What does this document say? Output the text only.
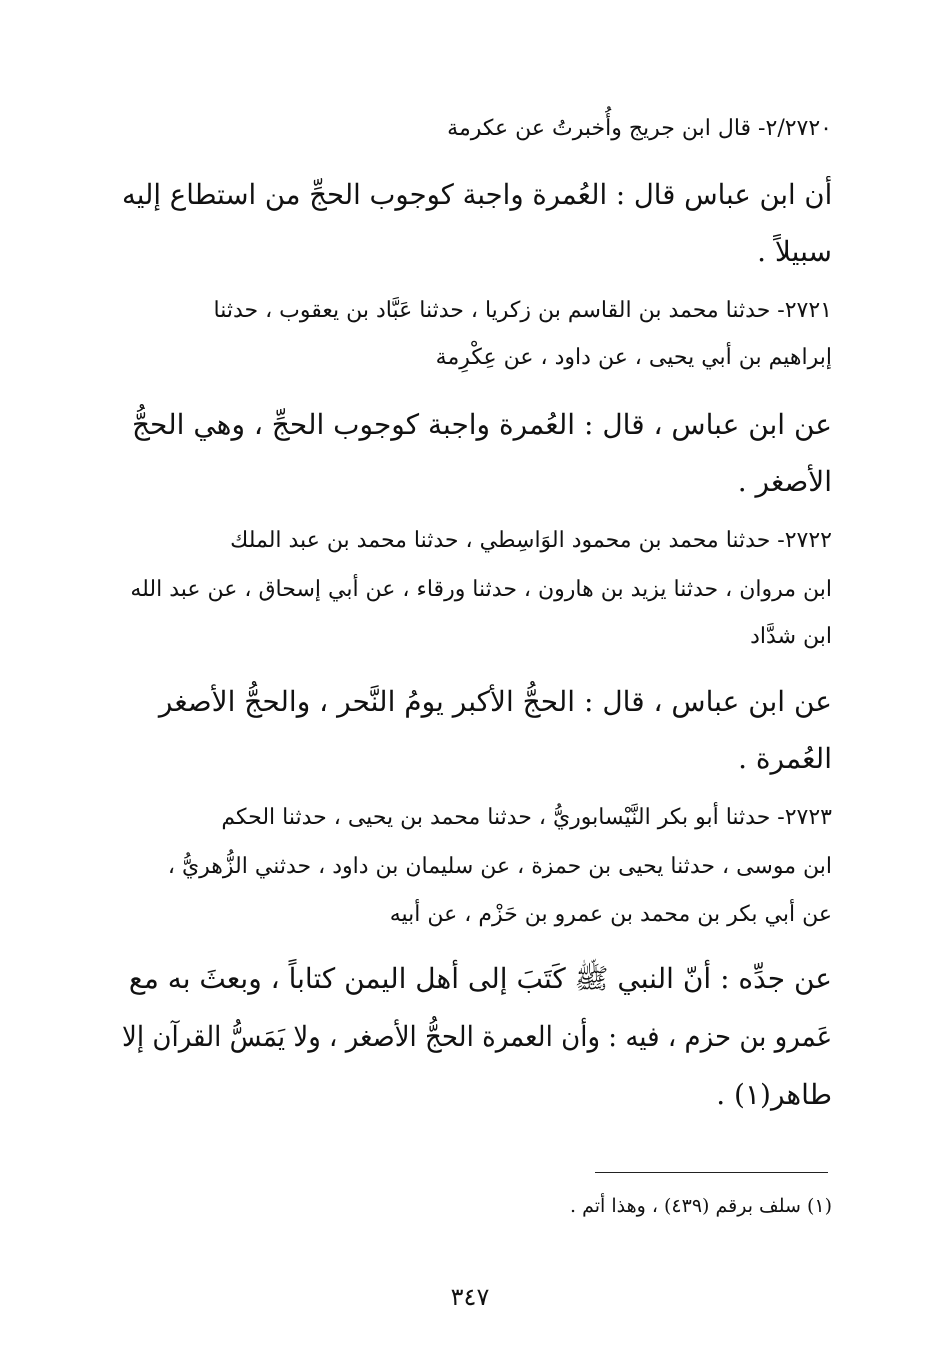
٢/٢٧٢٠- قال ابن جريج وأُخبرتُ عن عكرمة
أن ابن عباس قال : العُمرة واجبة كوجوب الحجِّ من استطاع إليه
سبيلاً .
٢٧٢١- حدثنا محمد بن القاسم بن زكريا ، حدثنا عَبَّاد بن يعقوب ، حدثنا
إبراهيم بن أبي يحيى ، عن داود ، عن عِكْرِمة
عن ابن عباس ، قال : العُمرة واجبة كوجوب الحجِّ ، وهي الحجُّ
الأصغر .
٢٧٢٢- حدثنا محمد بن محمود الوَاسِطي ، حدثنا محمد بن عبد الملك
ابن مروان ، حدثنا يزيد بن هارون ، حدثنا ورقاء ، عن أبي إسحاق ، عن عبد الله
ابن شدَّاد
عن ابن عباس ، قال : الحجُّ الأكبر يومُ النَّحر ، والحجُّ الأصغر
العُمرة .
٢٧٢٣- حدثنا أبو بكر النَّيْسابوريُّ ، حدثنا محمد بن يحيى ، حدثنا الحكم
ابن موسى ، حدثنا يحيى بن حمزة ، عن سليمان بن داود ، حدثني الزُّهريُّ ،
عن أبي بكر بن محمد بن عمرو بن حَزْم ، عن أبيه
عن جدِّه : أنّ النبي ﷺ كَتَبَ إلى أهل اليمن كتاباً ، وبعثَ به مع
عَمرو بن حزم ، فيه : وأن العمرة الحجُّ الأصغر ، ولا يَمَسُّ القرآن إلا
طاهر(١) .
(١) سلف برقم (٤٣٩) ، وهذا أتم .
٣٤٧
